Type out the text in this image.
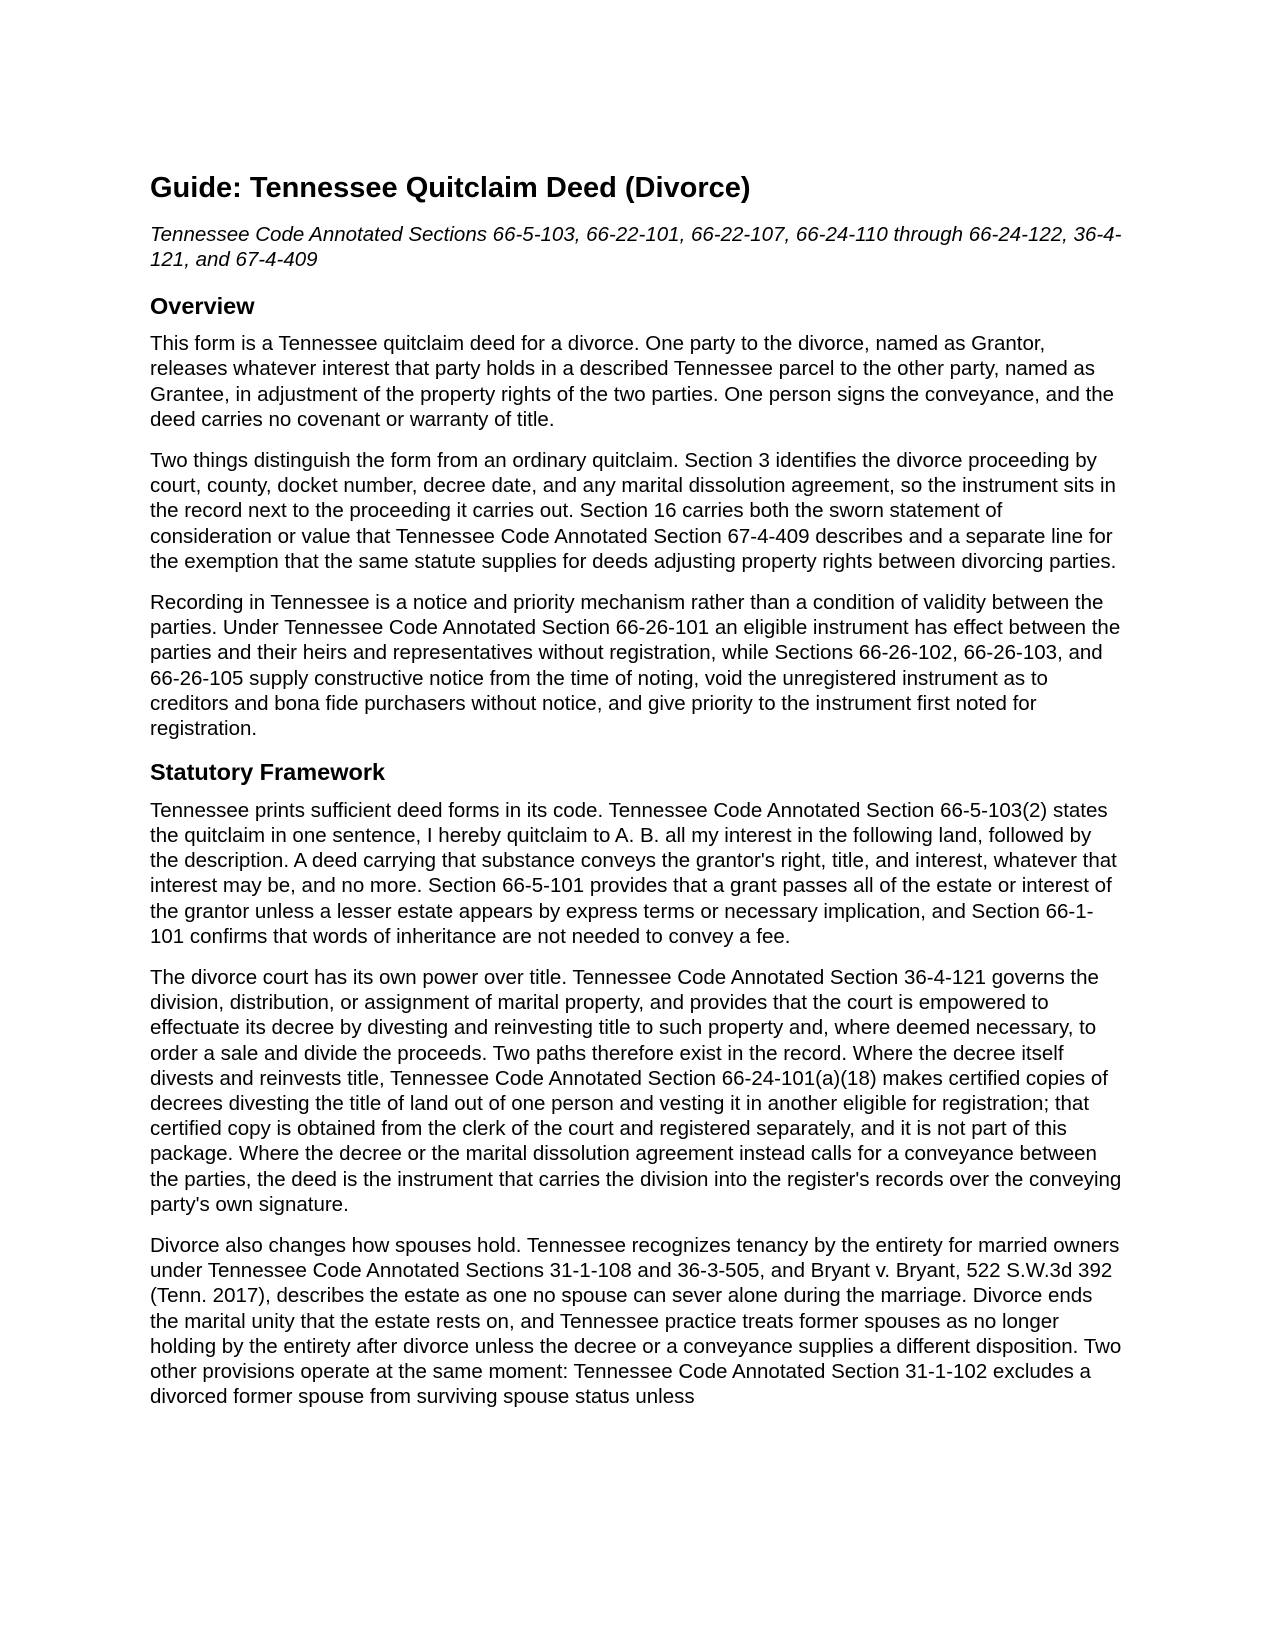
Guide: Tennessee Quitclaim Deed (Divorce)

Tennessee Code Annotated Sections 66-5-103, 66-22-101, 66-22-107, 66-24-110 through 66-24-122, 36-4-121, and 67-4-409

Overview

This form is a Tennessee quitclaim deed for a divorce. One party to the divorce, named as Grantor, releases whatever interest that party holds in a described Tennessee parcel to the other party, named as Grantee, in adjustment of the property rights of the two parties. One person signs the conveyance, and the deed carries no covenant or warranty of title.

Two things distinguish the form from an ordinary quitclaim. Section 3 identifies the divorce proceeding by court, county, docket number, decree date, and any marital dissolution agreement, so the instrument sits in the record next to the proceeding it carries out. Section 16 carries both the sworn statement of consideration or value that Tennessee Code Annotated Section 67-4-409 describes and a separate line for the exemption that the same statute supplies for deeds adjusting property rights between divorcing parties.

Recording in Tennessee is a notice and priority mechanism rather than a condition of validity between the parties. Under Tennessee Code Annotated Section 66-26-101 an eligible instrument has effect between the parties and their heirs and representatives without registration, while Sections 66-26-102, 66-26-103, and 66-26-105 supply constructive notice from the time of noting, void the unregistered instrument as to creditors and bona fide purchasers without notice, and give priority to the instrument first noted for registration.

Statutory Framework

Tennessee prints sufficient deed forms in its code. Tennessee Code Annotated Section 66-5-103(2) states the quitclaim in one sentence, I hereby quitclaim to A. B. all my interest in the following land, followed by the description. A deed carrying that substance conveys the grantor's right, title, and interest, whatever that interest may be, and no more. Section 66-5-101 provides that a grant passes all of the estate or interest of the grantor unless a lesser estate appears by express terms or necessary implication, and Section 66-1-101 confirms that words of inheritance are not needed to convey a fee.

The divorce court has its own power over title. Tennessee Code Annotated Section 36-4-121 governs the division, distribution, or assignment of marital property, and provides that the court is empowered to effectuate its decree by divesting and reinvesting title to such property and, where deemed necessary, to order a sale and divide the proceeds. Two paths therefore exist in the record. Where the decree itself divests and reinvests title, Tennessee Code Annotated Section 66-24-101(a)(18) makes certified copies of decrees divesting the title of land out of one person and vesting it in another eligible for registration; that certified copy is obtained from the clerk of the court and registered separately, and it is not part of this package. Where the decree or the marital dissolution agreement instead calls for a conveyance between the parties, the deed is the instrument that carries the division into the register's records over the conveying party's own signature.

Divorce also changes how spouses hold. Tennessee recognizes tenancy by the entirety for married owners under Tennessee Code Annotated Sections 31-1-108 and 36-3-505, and Bryant v. Bryant, 522 S.W.3d 392 (Tenn. 2017), describes the estate as one no spouse can sever alone during the marriage. Divorce ends the marital unity that the estate rests on, and Tennessee practice treats former spouses as no longer holding by the entirety after divorce unless the decree or a conveyance supplies a different disposition. Two other provisions operate at the same moment: Tennessee Code Annotated Section 31-1-102 excludes a divorced former spouse from surviving spouse status unless
